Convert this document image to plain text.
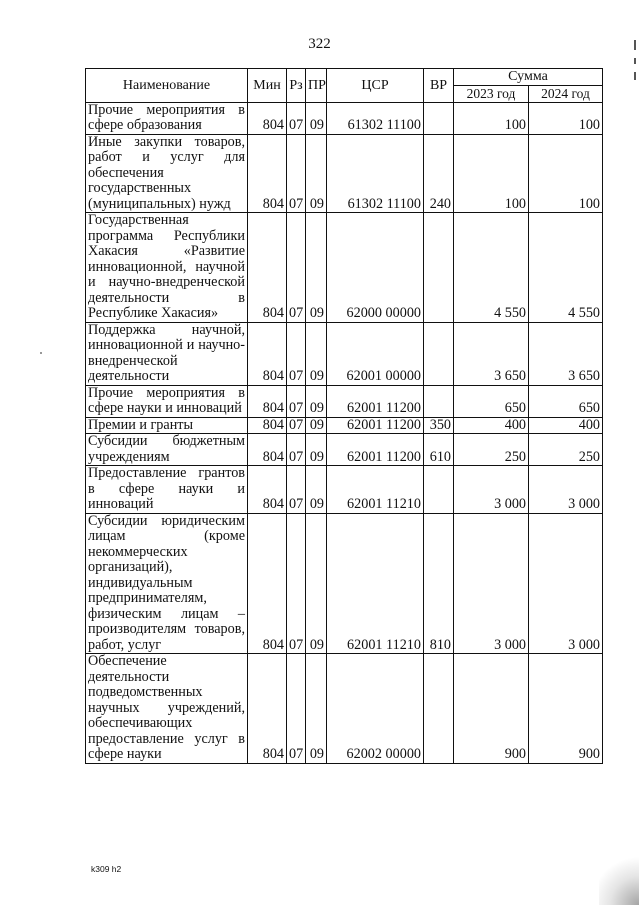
322
Наименование	Мин	Рз	ПР	ЦСР	ВР	Сумма	
						2023 год	2024 год

Прочие мероприятия в сфере образования	804	07	09	61302 11100		100	100

Иные закупки товаров, работ и услуг для обеспечения государственных (муниципальных) нужд	804	07	09	61302 11100	240	100	100

Государственная программа Республики Хакасия «Развитие инновационной, научной и научно-внедренческой деятельности в Республике Хакасия»	804	07	09	62000 00000		4 550	4 550

Поддержка научной, инновационной и научно-внедренческой деятельности	804	07	09	62001 00000		3 650	3 650

Прочие мероприятия в сфере науки и инноваций	804	07	09	62001 11200		650	650

Премии и гранты	804	07	09	62001 11200	350	400	400

Субсидии бюджетным учреждениям	804	07	09	62001 11200	610	250	250

Предоставление грантов в сфере науки и инноваций	804	07	09	62001 11210		3 000	3 000

Субсидии юридическим лицам (кроме некоммерческих организаций), индивидуальным предпринимателям, физическим лицам – производителям товаров, работ, услуг	804	07	09	62001 11210	810	3 000	3 000

Обеспечение деятельности подведомственных научных учреждений, обеспечивающих предоставление услуг в сфере науки	804	07	09	62002 00000		900	900
k309 h2
